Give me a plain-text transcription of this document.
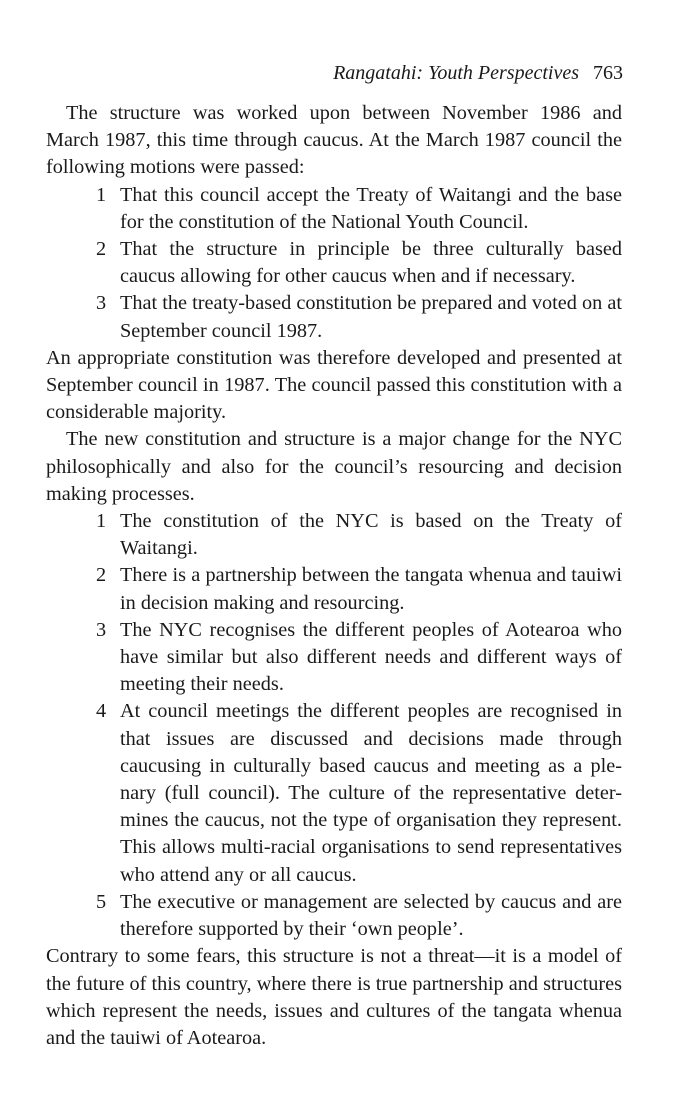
Rangatahi: Youth Perspectives 763

The structure was worked upon between November 1986 and March 1987, this time through caucus. At the March 1987 council the following motions were passed:

1 That this council accept the Treaty of Waitangi and the base for the constitution of the National Youth Council.
2 That the structure in principle be three culturally based caucus allowing for other caucus when and if necessary.
3 That the treaty-based constitution be prepared and voted on at September council 1987.

An appropriate constitution was therefore developed and presented at September council in 1987. The council passed this constitution with a considerable majority.

The new constitution and structure is a major change for the NYC philosophically and also for the council’s resourcing and decision making processes.

1 The constitution of the NYC is based on the Treaty of Waitangi.
2 There is a partnership between the tangata whenua and tauiwi in decision making and resourcing.
3 The NYC recognises the different peoples of Aotearoa who have similar but also different needs and different ways of meeting their needs.
4 At council meetings the different peoples are recognised in that issues are discussed and decisions made through caucusing in culturally based caucus and meeting as a ple-nary (full council). The culture of the representative deter-mines the caucus, not the type of organisation they represent. This allows multi-racial organisations to send representatives who attend any or all caucus.
5 The executive or management are selected by caucus and are therefore supported by their ‘own people’.

Contrary to some fears, this structure is not a threat—it is a model of the future of this country, where there is true partnership and structures which represent the needs, issues and cultures of the tangata whenua and the tauiwi of Aotearoa.
